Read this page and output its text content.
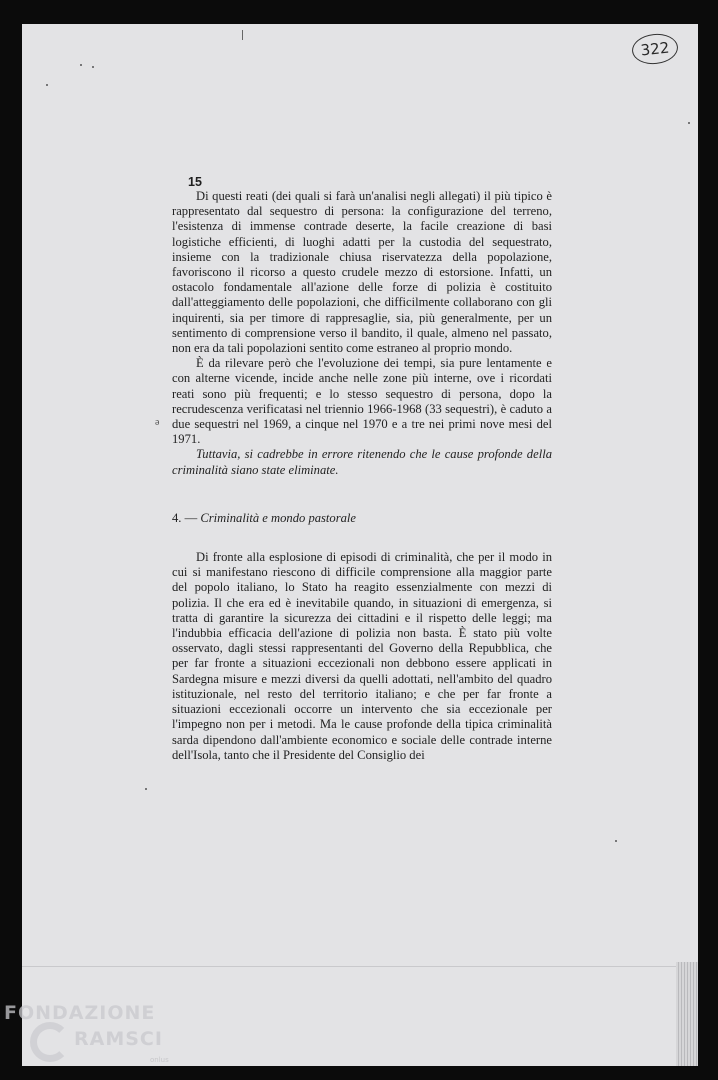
322
ǝ
15

Di questi reati (dei quali si farà un'analisi negli allegati) il più tipico è rappresentato dal sequestro di persona: la configurazione del terreno, l'esistenza di immense contrade deserte, la facile creazione di basi logistiche efficienti, di luoghi adatti per la custodia del sequestrato, insieme con la tradizionale chiusa riservatezza della popolazione, favoriscono il ricorso a questo crudele mezzo di estorsione. Infatti, un ostacolo fondamentale all'azione delle forze di polizia è costituito dall'atteggiamento delle popolazioni, che difficilmente collaborano con gli inquirenti, sia per timore di rappresaglie, sia, più generalmente, per un sentimento di comprensione verso il bandito, il quale, almeno nel passato, non era da tali popolazioni sentito come estraneo al proprio mondo.

È da rilevare però che l'evoluzione dei tempi, sia pure lentamente e con alterne vicende, incide anche nelle zone più interne, ove i ricordati reati sono più frequenti; e lo stesso sequestro di persona, dopo la recrudescenza verificatasi nel triennio 1966-1968 (33 sequestri), è caduto a due sequestri nel 1969, a cinque nel 1970 e a tre nei primi nove mesi del 1971.

Tuttavia, si cadrebbe in errore ritenendo che le cause profonde della criminalità siano state eliminate.

4. — Criminalità e mondo pastorale

Di fronte alla esplosione di episodi di criminalità, che per il modo in cui si manifestano riescono di difficile comprensione alla maggior parte del popolo italiano, lo Stato ha reagito essenzialmente con mezzi di polizia. Il che era ed è inevitabile quando, in situazioni di emergenza, si tratta di garantire la sicurezza dei cittadini e il rispetto delle leggi; ma l'indubbia efficacia dell'azione di polizia non basta. È stato più volte osservato, dagli stessi rappresentanti del Governo della Repubblica, che per far fronte a situazioni eccezionali non debbono essere applicati in Sardegna misure e mezzi diversi da quelli adottati, nell'ambito del quadro istituzionale, nel resto del territorio italiano; e che per far fronte a situazioni eccezionali occorre un intervento che sia eccezionale per l'impegno non per i metodi. Ma le cause profonde della tipica criminalità sarda dipendono dall'ambiente economico e sociale delle contrade interne dell'Isola, tanto che il Presidente del Consiglio dei

FONDAZIONE
RAMSCI
onlus
